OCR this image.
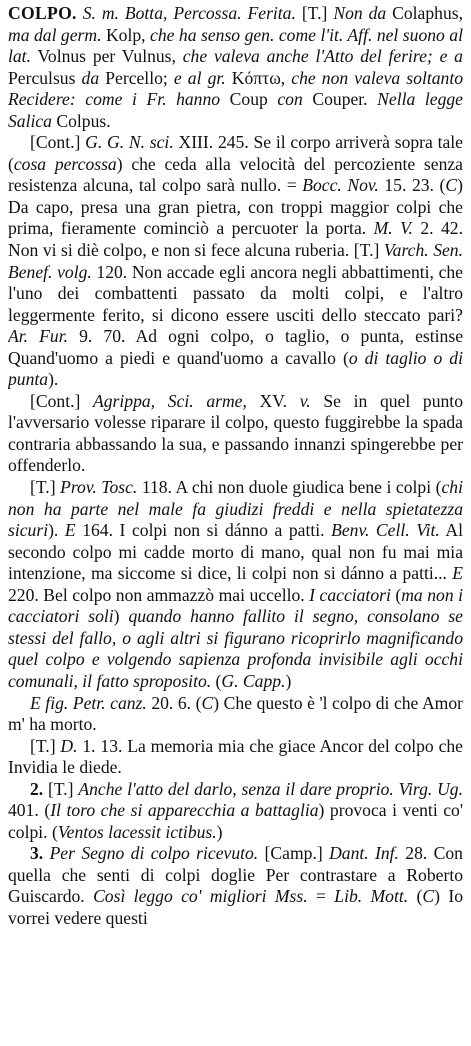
COLPO. S. m. Botta, Percossa. Ferita. [T.] Non da Colaphus, ma dal germ. Kolp, che ha senso gen. come l'it. Aff. nel suono al lat. Volnus per Vulnus, che valeva anche l'Atto del ferire; e a Perculsus da Percello; e al gr. Κόπτω, che non valeva soltanto Recidere: come i Fr. hanno Coup con Couper. Nella legge Salica Colpus.

[Cont.] G. G. N. sci. XIII. 245. Se il corpo arriverà sopra tale (cosa percossa) che ceda alla velocità del percoziente senza resistenza alcuna, tal colpo sarà nullo. = Bocc. Nov. 15. 23. (C) Da capo, presa una gran pietra, con troppi maggior colpi che prima, fieramente cominciò a percuoter la porta. M. V. 2. 42. Non vi si diè colpo, e non si fece alcuna ruberia. [T.] Varch. Sen. Benef. volg. 120. Non accade egli ancora negli abbattimenti, che l'uno dei combattenti passato da molti colpi, e l'altro leggermente ferito, si dicono essere usciti dello steccato pari? Ar. Fur. 9. 70. Ad ogni colpo, o taglio, o punta, estinse Quand'uomo a piedi e quand'uomo a cavallo (o di taglio o di punta).

[Cont.] Agrippa, Sci. arme, XV. v. Se in quel punto l'avversario volesse riparare il colpo, questo fuggirebbe la spada contraria abbassando la sua, e passando innanzi spingerebbe per offenderlo.

[T.] Prov. Tosc. 118. A chi non duole giudica bene i colpi (chi non ha parte nel male fa giudizi freddi e nella spietatezza sicuri). E 164. I colpi non si dánno a patti. Benv. Cell. Vit. Al secondo colpo mi cadde morto di mano, qual non fu mai mia intenzione, ma siccome si dice, li colpi non si dánno a patti... E 220. Bel colpo non ammazzò mai uccello. I cacciatori (ma non i cacciatori soli) quando hanno fallito il segno, consolano se stessi del fallo, o agli altri si figurano ricoprirlo magnificando quel colpo e volgendo sapienza profonda invisibile agli occhi comunali, il fatto sproposito. (G. Capp.)

E fig. Petr. canz. 20. 6. (C) Che questo è 'l colpo di che Amor m' ha morto.

[T.] D. 1. 13. La memoria mia che giace Ancor del colpo che Invidia le diede.

2. [T.] Anche l'atto del darlo, senza il dare proprio. Virg. Ug. 401. (Il toro che si apparecchia a battaglia) provoca i venti co' colpi. (Ventos lacessit ictibus.)

3. Per Segno di colpo ricevuto. [Camp.] Dant. Inf. 28. Con quella che senti di colpi doglie Per contrastare a Roberto Guiscardo. Così leggo co' migliori Mss. = Lib. Mott. (C) Io vorrei vedere questi
